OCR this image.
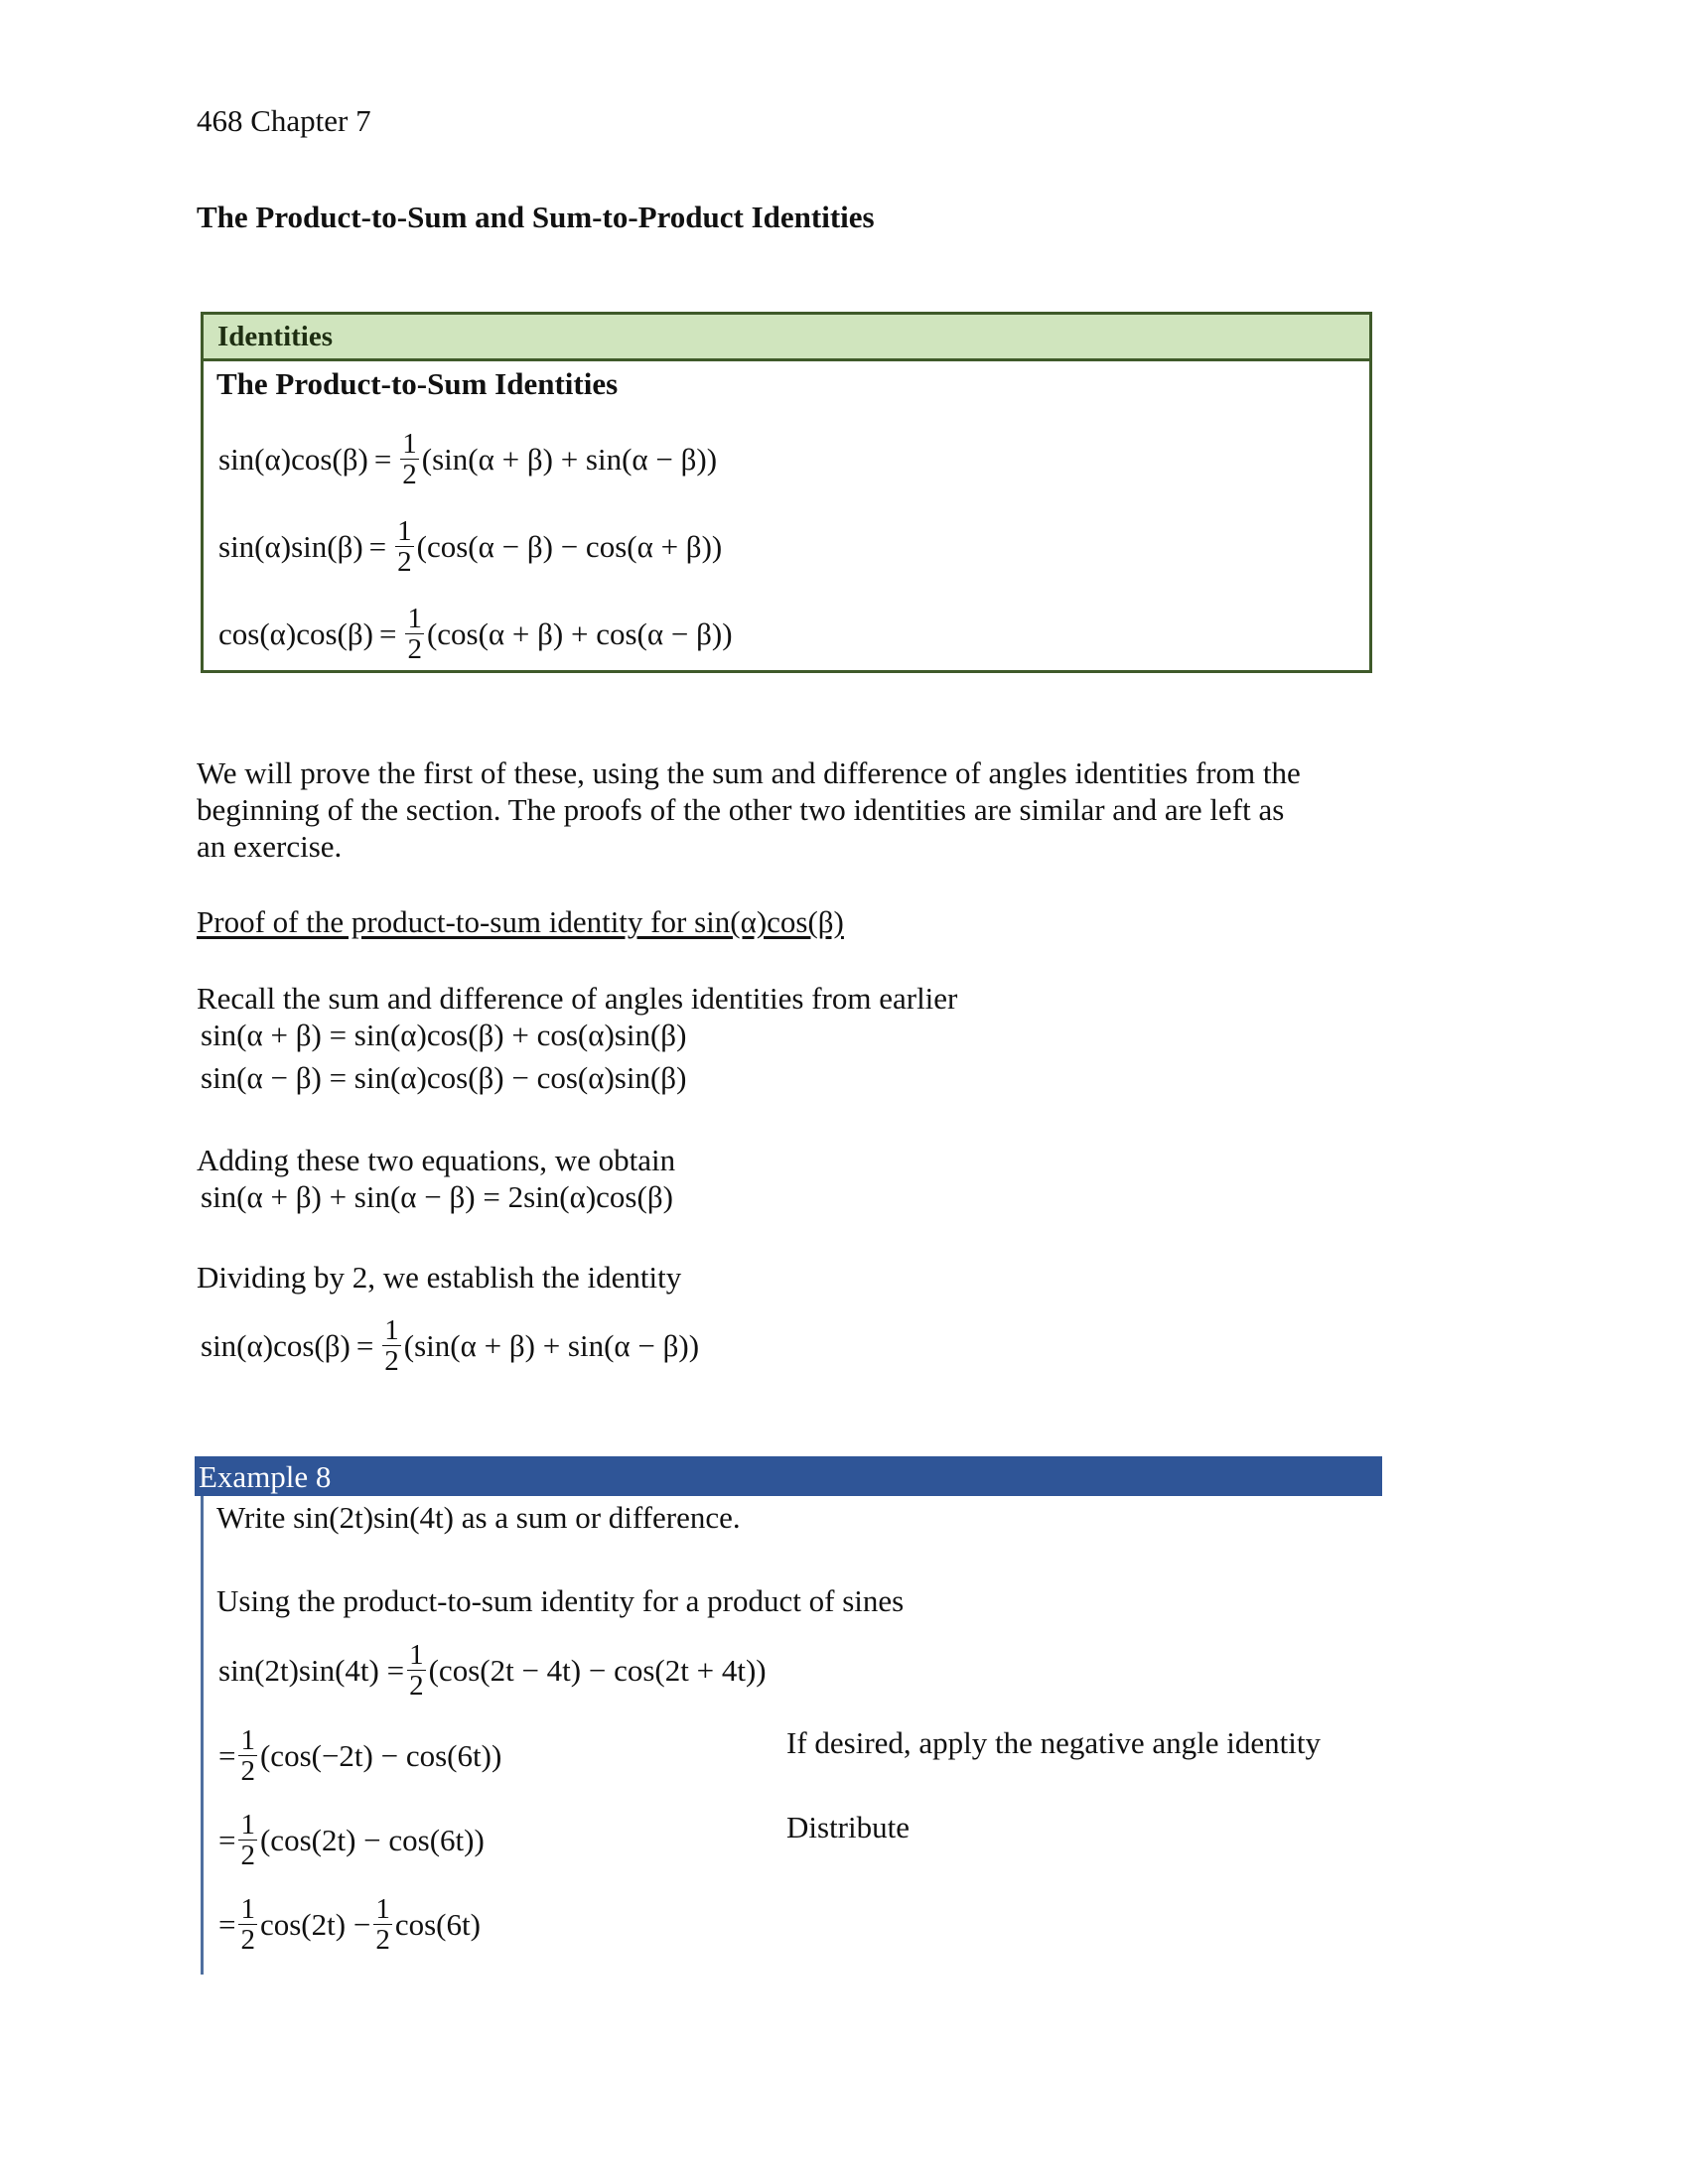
468 Chapter 7
The Product-to-Sum and Sum-to-Product Identities
Identities
The Product-to-Sum Identities
$\sin(\alpha)\cos(\beta) = \frac{1}{2} (\sin(\alpha + \beta) + \sin(\alpha - \beta))$
$\sin(\alpha)\sin(\beta) = \frac{1}{2} (\cos(\alpha - \beta) - \cos(\alpha + \beta))$
$\cos(\alpha)\cos(\beta) = \frac{1}{2} (\cos(\alpha + \beta) + \cos(\alpha - \beta))$
We will prove the first of these, using the sum and difference of angles identities from the
beginning of the section. The proofs of the other two identities are similar and are left as
an exercise.
Proof of the product-to-sum identity for sin(α)cos(β)
Recall the sum and difference of angles identities from earlier
sin(α + β) = sin(α)cos(β) + cos(α)sin(β)
sin(α − β) = sin(α)cos(β) − cos(α)sin(β)
Adding these two equations, we obtain
sin(α + β) + sin(α − β) = 2sin(α)cos(β)
Dividing by 2, we establish the identity
$\sin(\alpha)\cos(\beta) = \frac{1}{2} (\sin(\alpha + \beta) + \sin(\alpha - \beta))$
Example 8
Write sin(2t)sin(4t) as a sum or difference.
Using the product-to-sum identity for a product of sines
$\sin(2t)\sin(4t) = \frac{1}{2} (\cos(2t - 4t) - \cos(2t + 4t))$
= $\frac{1}{2} (\cos(-2t) - \cos(6t))$	If desired, apply the negative angle identity
= $\frac{1}{2} (\cos(2t) - \cos(6t))$	Distribute
= $\frac{1}{2} \cos(2t) - \frac{1}{2} \cos(6t)$
